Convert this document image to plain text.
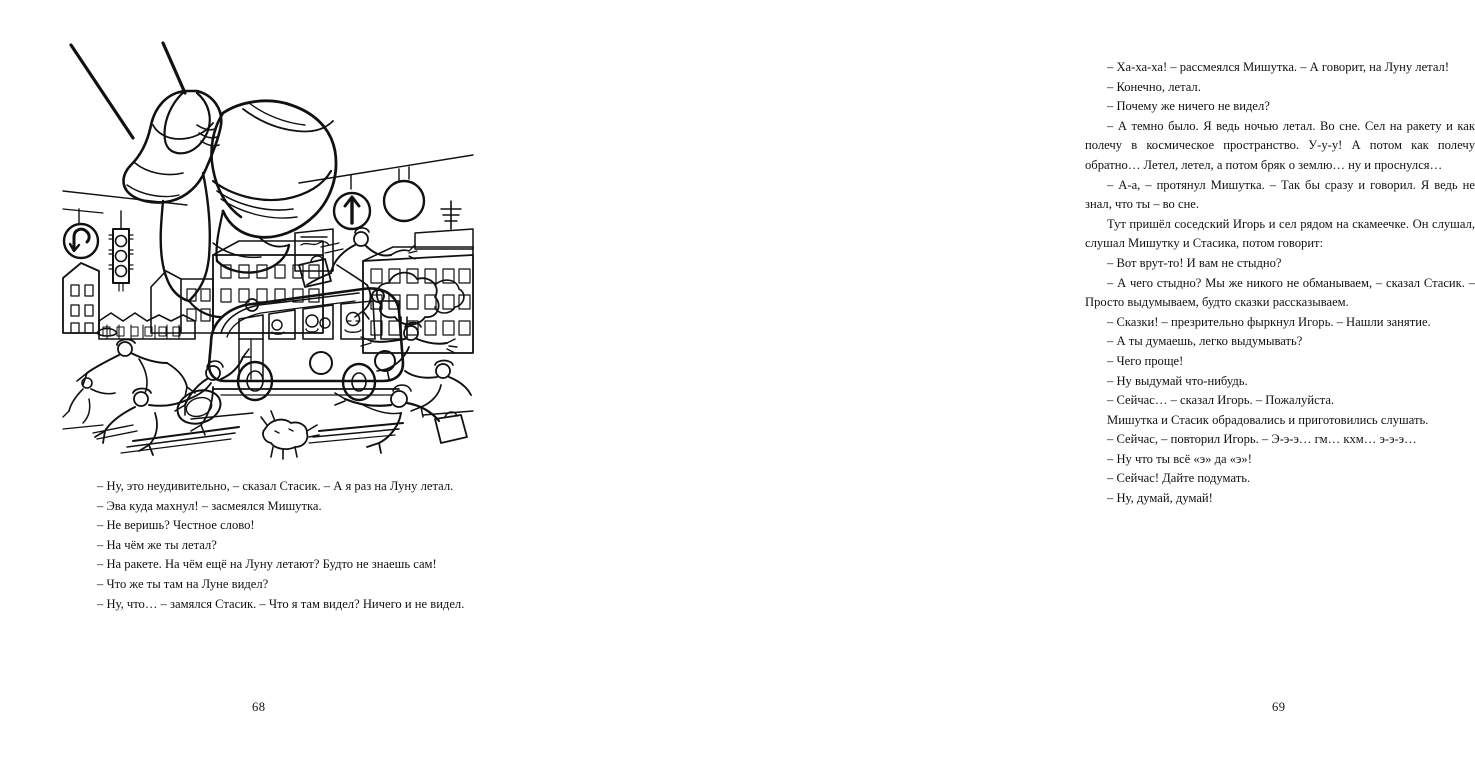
– Ну, это неудивительно, – сказал Стасик. – А я раз на Луну летал.

– Эва куда махнул! – засмеялся Мишутка.

– Не веришь? Честное слово!

– На чём же ты летал?

– На ракете. На чём ещё на Луну летают? Будто не знаешь сам!

– Что же ты там на Луне видел?

– Ну, что… – замялся Стасик. – Что я там видел? Ничего и не видел.

68

– Ха-ха-ха! – рассмеялся Мишутка. – А говорит, на Луну летал!

– Конечно, летал.

– Почему же ничего не видел?

– А темно было. Я ведь ночью летал. Во сне. Сел на ракету и как полечу в космическое пространство. У-у-у! А потом как полечу обратно… Летел, летел, а потом бряк о землю… ну и проснулся…

– А-а, – протянул Мишутка. – Так бы сразу и говорил. Я ведь не знал, что ты – во сне.

Тут пришёл соседский Игорь и сел рядом на скамеечке. Он слушал, слушал Мишутку и Стасика, потом говорит:

– Вот врут-то! И вам не стыдно?

– А чего стыдно? Мы же никого не обманываем, – сказал Стасик. – Просто выдумываем, будто сказки рассказываем.

– Сказки! – презрительно фыркнул Игорь. – Нашли занятие.

– А ты думаешь, легко выдумывать?

– Чего проще!

– Ну выдумай что-нибудь.

– Сейчас… – сказал Игорь. – Пожалуйста.

Мишутка и Стасик обрадовались и приготовились слушать.

– Сейчас, – повторил Игорь. – Э-э-э… гм… кхм… э-э-э…

– Ну что ты всё «э» да «э»!

– Сейчас! Дайте подумать.

– Ну, думай, думай!

69
